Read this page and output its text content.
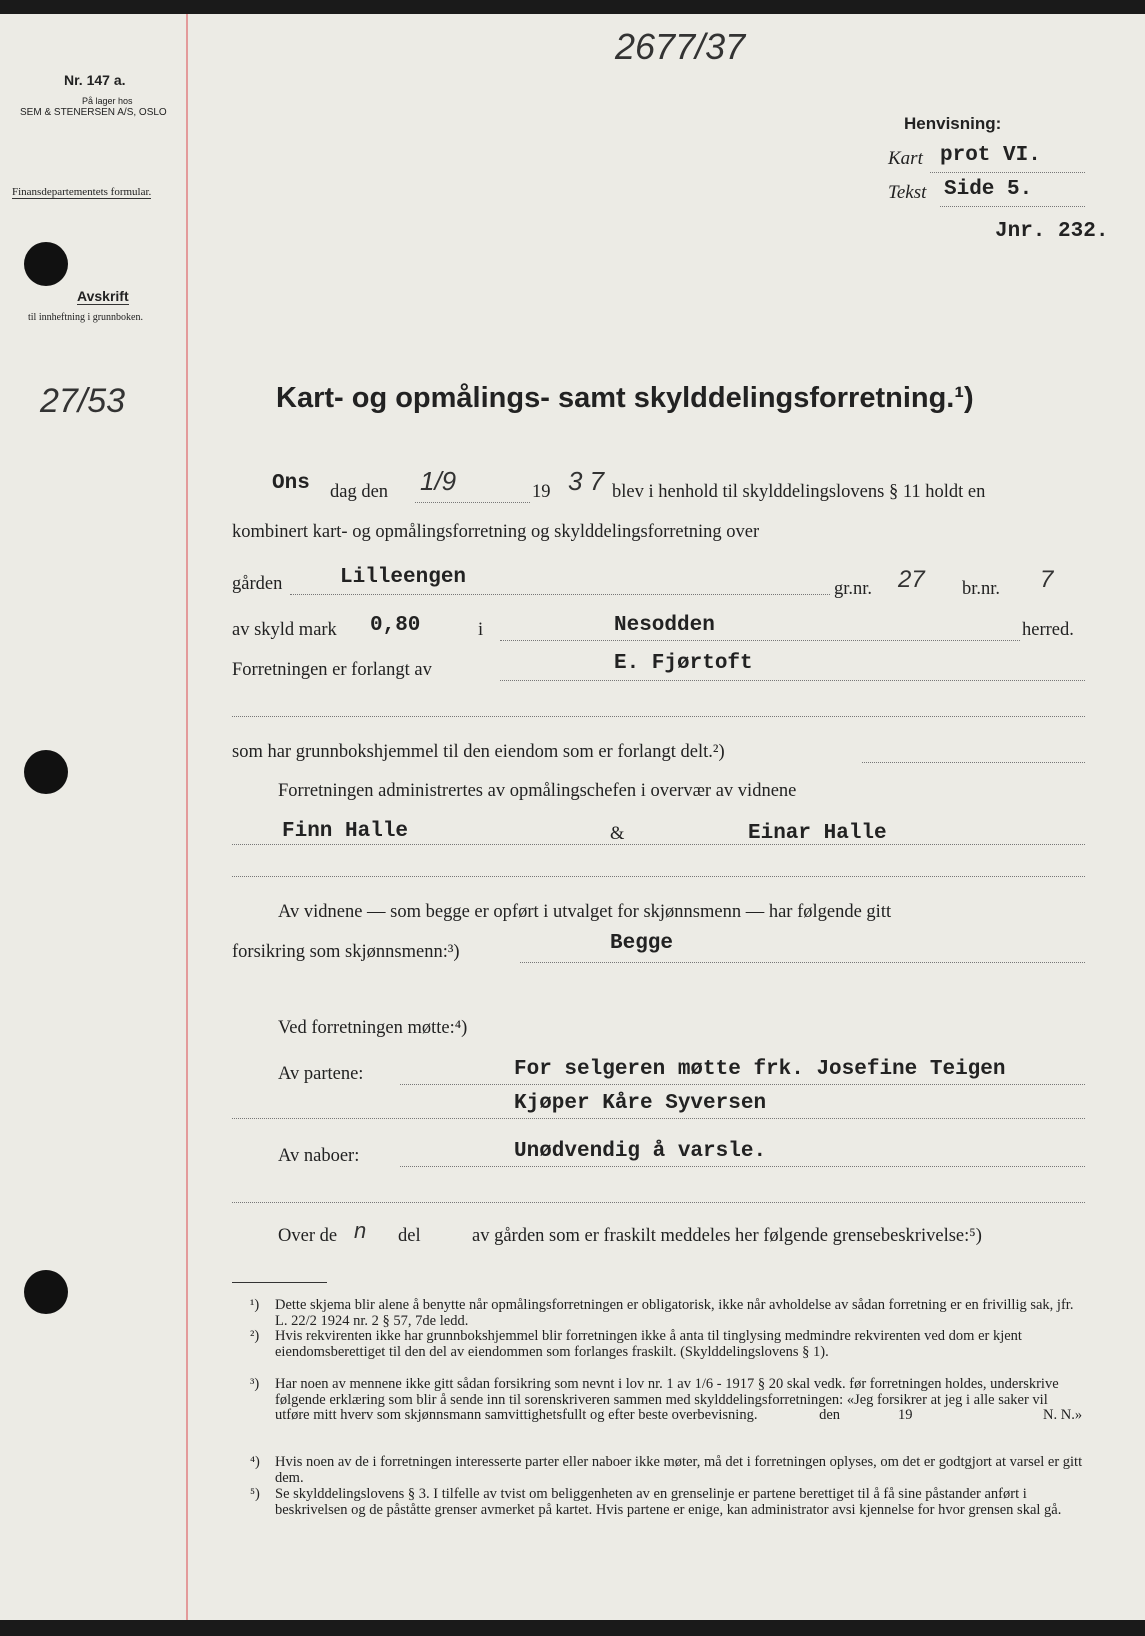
Nr. 147 a.
På lager hos
SEM & STENERSEN A/S, OSLO
Finansdepartementets formular.
Avskrift
til innheftning i grunnboken.
27/53
2677/37
Henvisning:
Kart prot VI.
Tekst Side 5.
Jnr. 232.
Kart- og opmålings- samt skylddelingsforretning.¹)
Ons dag den 1/9	19 3 7 blev i henhold til skylddelingslovens § 11 holdt en
kombinert kart- og opmålingsforretning og skylddelingsforretning over
gården	Lilleengen	gr.nr. 27 br.nr. 7
av skyld mark 0,80	i	Nesodden	herred.
Forretningen er forlangt av	E. Fjørtoft
som har grunnbokshjemmel til den eiendom som er forlangt delt.²)
Forretningen administrertes av opmålingschefen i overvær av vidnene
Finn Halle	&	Einar Halle
Av vidnene — som begge er opført i utvalget for skjønnsmenn — har følgende gitt
forsikring som skjønnsmenn:³)	Begge
Ved forretningen møtte:⁴)
Av partene:	For selgeren møtte frk. Josefine Teigen
Kjøper Kåre Syversen
Av naboer:	Unødvendig å varsle.
Over de n del	av gården som er fraskilt meddeles her følgende grensebeskrivelse:⁵)
¹) Dette skjema blir alene å benytte når opmålingsforretningen er obligatorisk, ikke når avholdelse av sådan forretning er en frivillig sak, jfr. L. 22/2 1924 nr. 2 § 57, 7de ledd.
²) Hvis rekvirenten ikke har grunnbokshjemmel blir forretningen ikke å anta til tinglysing medmindre rekvirenten ved dom er kjent eiendomsberettiget til den del av eiendommen som forlanges fraskilt. (Skylddelingslovens § 1).
³) Har noen av mennene ikke gitt sådan forsikring som nevnt i lov nr. 1 av 1/6 - 1917 § 20 skal vedk. før forretningen holdes, underskrive følgende erklæring som blir å sende inn til sorenskriveren sammen med skylddelingsforretningen: «Jeg forsikrer at jeg i alle saker vil utføre mitt hverv som skjønnsmann samvittighetsfullt og efter beste overbevisning.                 den                19                                    N. N.»
⁴) Hvis noen av de i forretningen interesserte parter eller naboer ikke møter, må det i forretningen oplyses, om det er godtgjort at varsel er gitt dem.
⁵) Se skylddelingslovens § 3. I tilfelle av tvist om beliggenheten av en grenselinje er partene berettiget til å få sine påstander anført i beskrivelsen og de påståtte grenser avmerket på kartet. Hvis partene er enige, kan administrator avsi kjennelse for hvor grensen skal gå.
